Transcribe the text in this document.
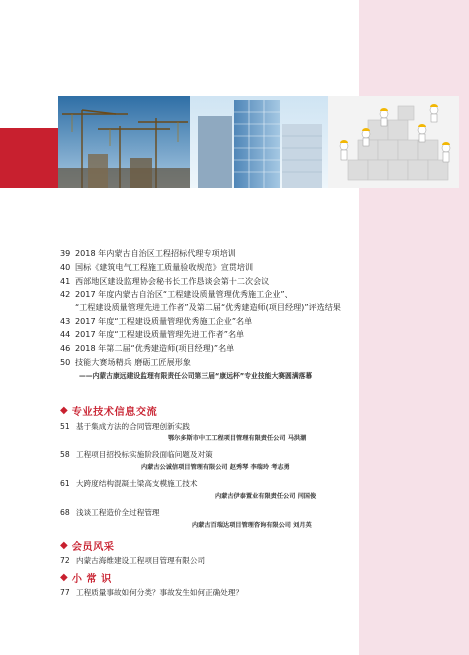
39 2018 年内蒙古自治区工程招标代理专项培训
40 国标《建筑电气工程施工质量验收规范》宣贯培训
41 西部地区建设监理协会秘书长工作恳谈会第十二次会议
42 2017 年度内蒙古自治区“工程建设质量管理优秀施工企业”、
“工程建设质量管理先进工作者”及第二届“优秀建造师(项目经理)”评选结果
43 2017 年度“工程建设质量管理优秀施工企业”名单
44 2017 年度“工程建设质量管理先进工作者”名单
46 2018 年第二届“优秀建造师(项目经理)”名单
50 技能大赛场精兵 磨砺工匠展形象
——内蒙古康远建设监理有限责任公司第三届“康远杯”专业技能大赛圆满落幕
◆ 专业技术信息交流
51 基于集成方法的合同管理创新实践
鄂尔多斯市中工工程项目管理有限责任公司 马洪潮
58 工程项目招投标实施阶段面临问题及对策
内蒙古公诚信项目管理有限公司 赵秀琴 李瑞玲 考志勇
61 大跨度结构混凝土梁高支模施工技术
内蒙古伊泰置业有限责任公司 闫国俊
68 浅谈工程造价全过程管理
内蒙古百瑞达项目管理咨询有限公司 刘月英
◆ 会员风采
72 内蒙古海维建设工程项目管理有限公司
◆ 小 常 识
77 工程质量事故如何分类？事故发生如何正确处理？
